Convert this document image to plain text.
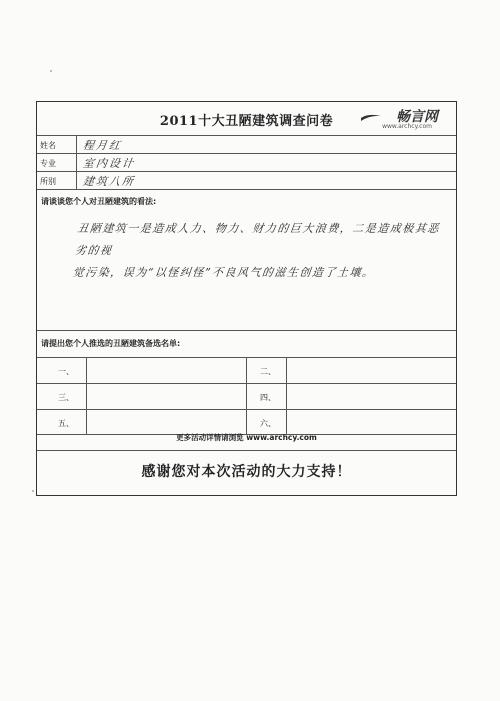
2011十大丑陋建筑调查问卷	畅言网
www.archcy.com
姓名	程月红
专业	室内设计
所别	建筑八所
请谈谈您个人对丑陋建筑的看法:
丑陋建筑一是造成人力、物力、财力的巨大浪费，二是造成极其恶劣的视
觉污染，误为“以怪纠怪”不良风气的滋生创造了土壤。
请提出您个人推选的丑陋建筑备选名单:
一、	二、
三、	四、
五、	六、
更多活动详情请浏览 www.archcy.com
感谢您对本次活动的大力支持！
